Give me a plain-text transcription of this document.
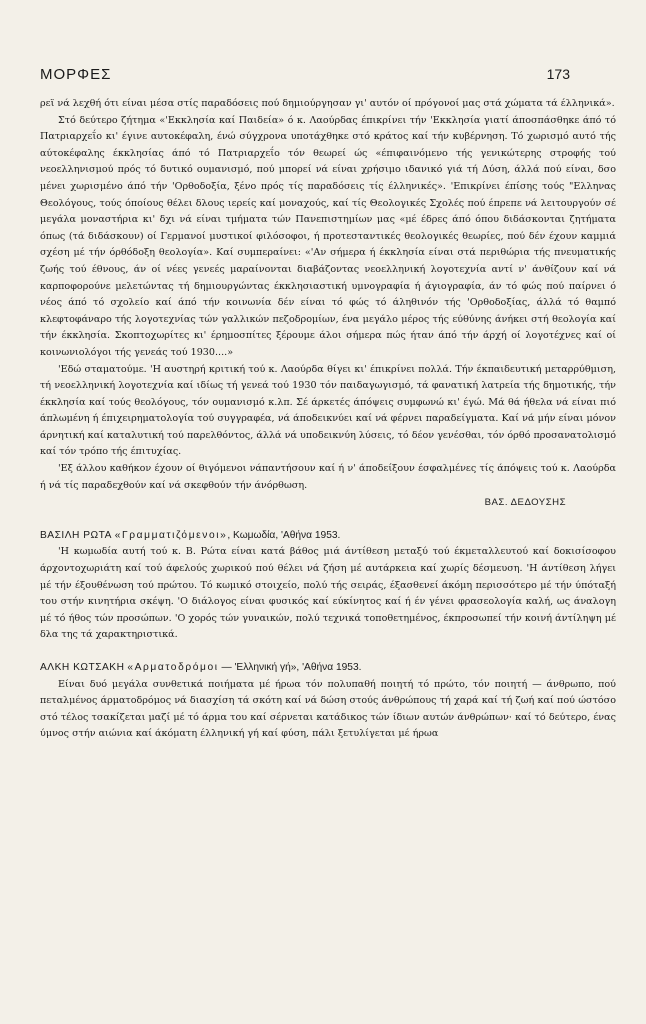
ΜΟΡΦΕΣ	173

ρεϊ νά λεχθή ότι είναι μέσα στίς παραδόσεις πού δημιούργησαν γι' αυτόν οί πρόγονοί μας στά χώματα τά έλληνικά».

Στό δεύτερο ζήτημα «'Εκκλησία καί Παιδεία» ό κ. Λαούρδας έπικρίνει τήν 'Εκκλησία γιατί άποσπάσθηκε άπό τό Πατριαρχεΐο κι' έγινε αυτοκέφαλη, ένώ σύγχρονα υποτάχθηκε στό κράτος καί τήν κυβέρνηση. Τό χωρισμό αυτό τής αύτοκέφαλης έκκλησίας άπό τό Πατριαρχεΐο τόν θεωρεί ώς «έπιφαινόμενο τής γενικώτερης στροφής τού νεοελληνισμού πρός τό δυτικό ουμανισμό, πού μπορεί νά είναι χρήσιμο ιδανικό γιά τή Δύση, άλλά πού είναι, δσο μένει χωρισμένο άπό τήν 'Ορθοδοξία, ξένο πρός τίς παραδόσεις τίς έλληνικές». 'Επικρίνει έπίσης τούς "Ελληνας Θεολόγους, τούς όποίους θέλει δλους ιερείς καί μοναχούς, καί τίς Θεολογικές Σχολές πού έπρεπε νά λειτουργούν σέ μεγάλα μοναστήρια κι' δχι νά είναι τμήματα τών Πανεπιστημίων μας «μέ έδρες άπό όπου διδάσκονται ζητήματα όπως (τά διδάσκουν) οί Γερμανοί μυστικοί φιλόσοφοι, ή προτεσταντικές θεολογικές θεωρίες, πού δέν έχουν καμμιά σχέση μέ τήν όρθόδοξη θεολογία». Καί συμπεραίνει: «'Αν σήμερα ή έκκλησία είναι στά περιθώρια τής πνευματικής ζωής τού έθνους, άν οί νέες γενεές μαραίνονται διαβάζοντας νεοελληνική λογοτεχνία αντί ν' άνθίζουν καί νά καρποφορούνε μελετώντας τή δημιουργώντας έκκλησιαστική υμνογραφία ή άγιογραφία, άν τό φώς πού παίρνει ό νέος άπό τό σχολείο καί άπό τήν κοινωνία δέν είναι τό φώς τό άληθινόν τής 'Ορθοδοξίας, άλλά τό θαμπό κλεφτοφάναρο τής λογοτεχνίας τών γαλλικών πεζοδρομίων, ένα μεγάλο μέρος τής εύθύνης άνήκει στή θεολογία καί τήν έκκλησία. Σκοπτοχωρίτες κι' έρημοσπίτες ξέρουμε άλοι σήμερα πώς ήταν άπό τήν άρχή οί λογοτέχνες καί οί κοινωνιολόγοι τής γενεάς τού 1930....»

'Εδώ σταματούμε. 'Η αυστηρή κριτική τού κ. Λαούρδα θίγει κι' έπικρίνει πολλά. Τήν έκπαιδευτική μεταρρύθμιση, τή νεοελληνική λογοτεχνία καί ιδίως τή γενεά τού 1930 τόν παιδαγωγισμό, τά φανατική λατρεία τής δημοτικής, τήν έκκλησία καί τούς θεολόγους, τόν ουμανισμό κ.λπ. Σέ άρκετές άπόψεις συμφωνώ κι' έγώ. Μά θά ήθελα νά είναι πιό άπλωμένη ή έπιχειρηματολογία τού συγγραφέα, νά άποδεικνύει καί νά φέρνει παραδείγματα. Καί νά μήν είναι μόνον άρνητική καί καταλυτική τού παρελθόντος, άλλά νά υποδεικνύη λύσεις, τό δέον γενέσθαι, τόν όρθό προσανατολισμό καί τόν τρόπο τής έπιτυχίας.

'Εξ άλλου καθήκον έχουν οί θιγόμενοι νάπαντήσουν καί ή ν' άποδείξουν έσφαλμένες τίς άπόψεις τού κ. Λαούρδα ή νά τίς παραδεχθούν καί νά σκεφθούν τήν άνόρθωση.

ΒΑΣ. ΔΕΔΟΥΣΗΣ

ΒΑΣΙΛΗ ΡΩΤΑ «Γραμματιζόμενοι», Κωμωδία, 'Αθήνα 1953.

'Η κωμωδία αυτή τού κ. Β. Ρώτα είναι κατά βάθος μιά άντίθεση μεταξύ τού έκμεταλλευτού καί δοκισίσοφου άρχοντοχωριάτη καί τού άφελούς χωρικού πού θέλει νά ζήση μέ αυτάρκεια καί χωρίς δέσμευση. 'Η άντίθεση λήγει μέ τήν έξουθένωση τού πρώτου. Τό κωμικό στοιχείο, πολύ τής σειράς, έξασθενεί άκόμη περισσότερο μέ τήν ύπόταξή του στήν κινητήρια σκέψη. 'Ο διάλογος είναι φυσικός καί εύκίνητος καί ή έν γένει φρασεολογία καλή, ως άναλογη μέ τό ήθος τών προσώπων. 'Ο χορός τών γυναικών, πολύ τεχνικά τοποθετημένος, έκπροσωπεί τήν κοινή άντίληψη μέ δλα της τά χαρακτηριστικά.

ΑΛΚΗ ΚΩΤΣΑΚΗ «Αρματοδρόμοι — 'Ελληνική γή», 'Αθήνα 1953.

Είναι δυό μεγάλα συνθετικά ποιήματα μέ ήρωα τόν πολυπαθή ποιητή τό πρώτο, τόν ποιητή — άνθρωπο, πού πεταλμένος άρματοδρόμος νά διασχίση τά σκότη καί νά δώση στούς άνθρώπους τή χαρά καί τή ζωή καί πού ώστόσο στό τέλος τσακίζεται μαζί μέ τό άρμα του καί σέρνεται κατάδικος τών ίδιων αυτών άνθρώπων· καί τό δεύτερο, ένας ύμνος στήν αιώνια καί άκόματη έλληνική γή καί φύση, πάλι ξετυλίγεται μέ ήρωα
